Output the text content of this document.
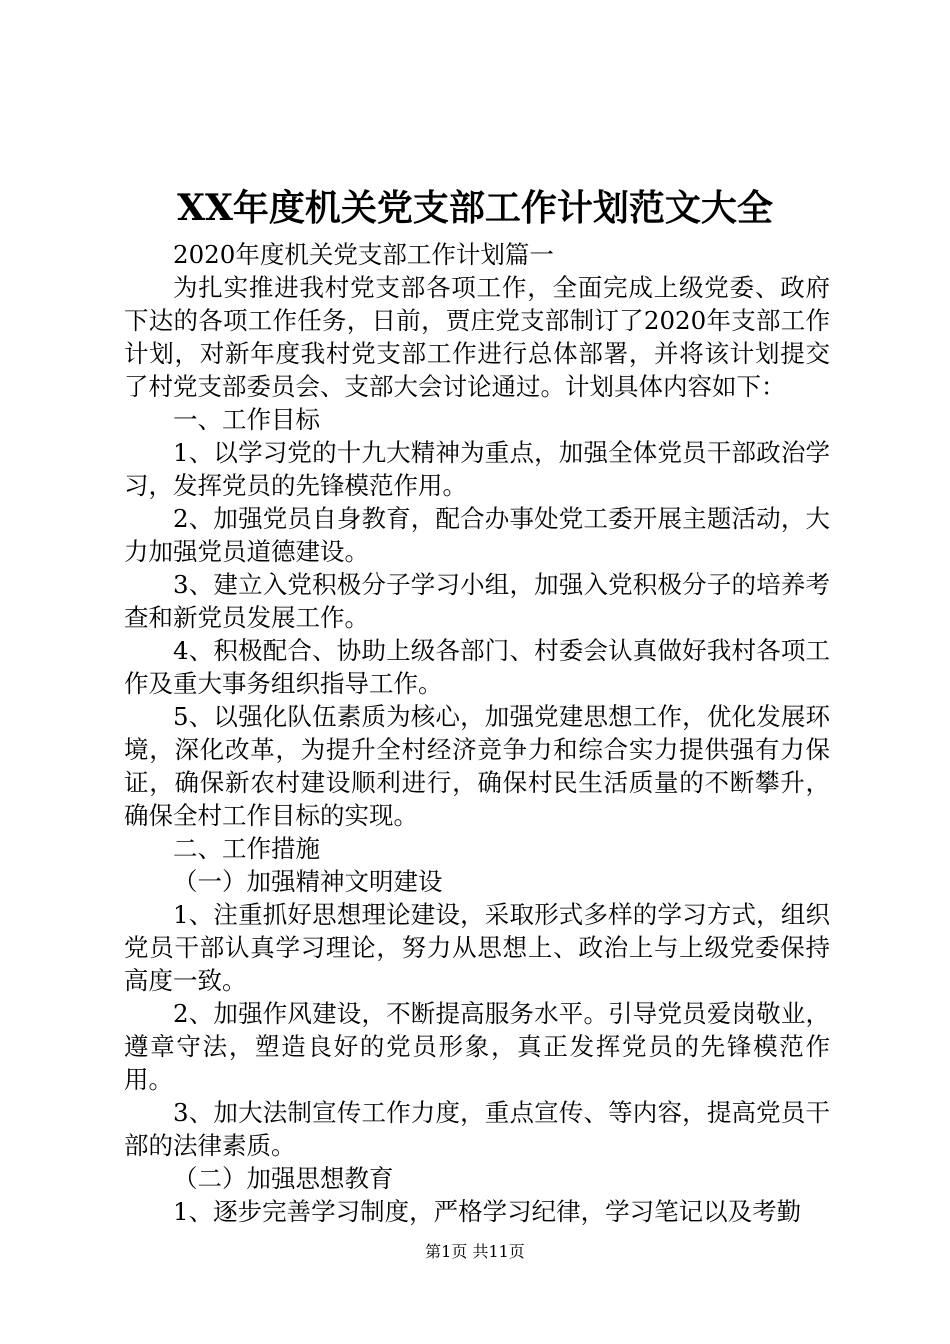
XX年度机关党支部工作计划范文大全

2020年度机关党支部工作计划篇一

为扎实推进我村党支部各项工作，全面完成上级党委、政府下达的各项工作任务，日前，贾庄党支部制订了2020年支部工作计划，对新年度我村党支部工作进行总体部署，并将该计划提交了村党支部委员会、支部大会讨论通过。计划具体内容如下：

一、工作目标

1、以学习党的十九大精神为重点，加强全体党员干部政治学习，发挥党员的先锋模范作用。

2、加强党员自身教育，配合办事处党工委开展主题活动，大力加强党员道德建设。

3、建立入党积极分子学习小组，加强入党积极分子的培养考查和新党员发展工作。

4、积极配合、协助上级各部门、村委会认真做好我村各项工作及重大事务组织指导工作。

5、以强化队伍素质为核心，加强党建思想工作，优化发展环境，深化改革，为提升全村经济竞争力和综合实力提供强有力保证，确保新农村建设顺利进行，确保村民生活质量的不断攀升，确保全村工作目标的实现。

二、工作措施

（一）加强精神文明建设

1、注重抓好思想理论建设，采取形式多样的学习方式，组织党员干部认真学习理论，努力从思想上、政治上与上级党委保持高度一致。

2、加强作风建设，不断提高服务水平。引导党员爱岗敬业，遵章守法，塑造良好的党员形象，真正发挥党员的先锋模范作用。

3、加大法制宣传工作力度，重点宣传、等内容，提高党员干部的法律素质。

（二）加强思想教育

1、逐步完善学习制度，严格学习纪律，学习笔记以及考勤

第1页 共11页
